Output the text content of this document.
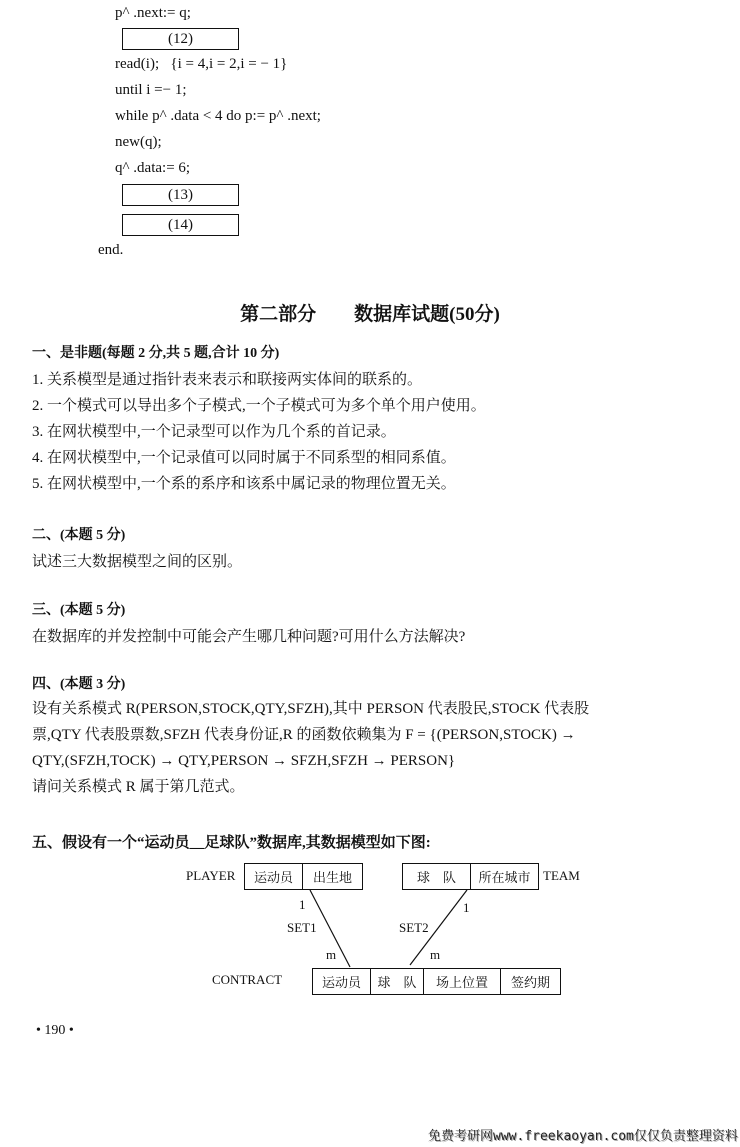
p^ .next:= q;
(12)
read(i);   {i = 4,i = 2,i = − 1}
until i =− 1;
while p^ .data < 4 do p:= p^ .next;
new(q);
q^ .data:= 6;
(13)
(14)
end.
第二部分　　数据库试题(50分)
一、是非题(每题 2 分,共 5 题,合计 10 分)
1. 关系模型是通过指针表来表示和联接两实体间的联系的。
2. 一个模式可以导出多个子模式,一个子模式可为多个单个用户使用。
3. 在网状模型中,一个记录型可以作为几个系的首记录。
4. 在网状模型中,一个记录值可以同时属于不同系型的相同系值。
5. 在网状模型中,一个系的系序和该系中属记录的物理位置无关。
二、(本题 5 分)
试述三大数据模型之间的区别。
三、(本题 5 分)
在数据库的并发控制中可能会产生哪几种问题?可用什么方法解决?
四、(本题 3 分)
设有关系模式 R(PERSON,STOCK,QTY,SFZH),其中 PERSON 代表股民,STOCK 代表股
票,QTY 代表股票数,SFZH 代表身份证,R 的函数依赖集为 F = {(PERSON,STOCK) →
QTY,(SFZH,TOCK) → QTY,PERSON → SFZH,SFZH → PERSON}
请问关系模式 R 属于第几范式。
五、假设有一个“运动员__足球队”数据库,其数据模型如下图:
PLAYER	运动员	出生地	球　队	所在城市 TEAM
1
SET1
m
1
SET2
m
CONTRACT	运动员	球　队	场上位置	签约期
• 190 •
免费考研网www.freekaoyan.com仅仅负责整理资料
